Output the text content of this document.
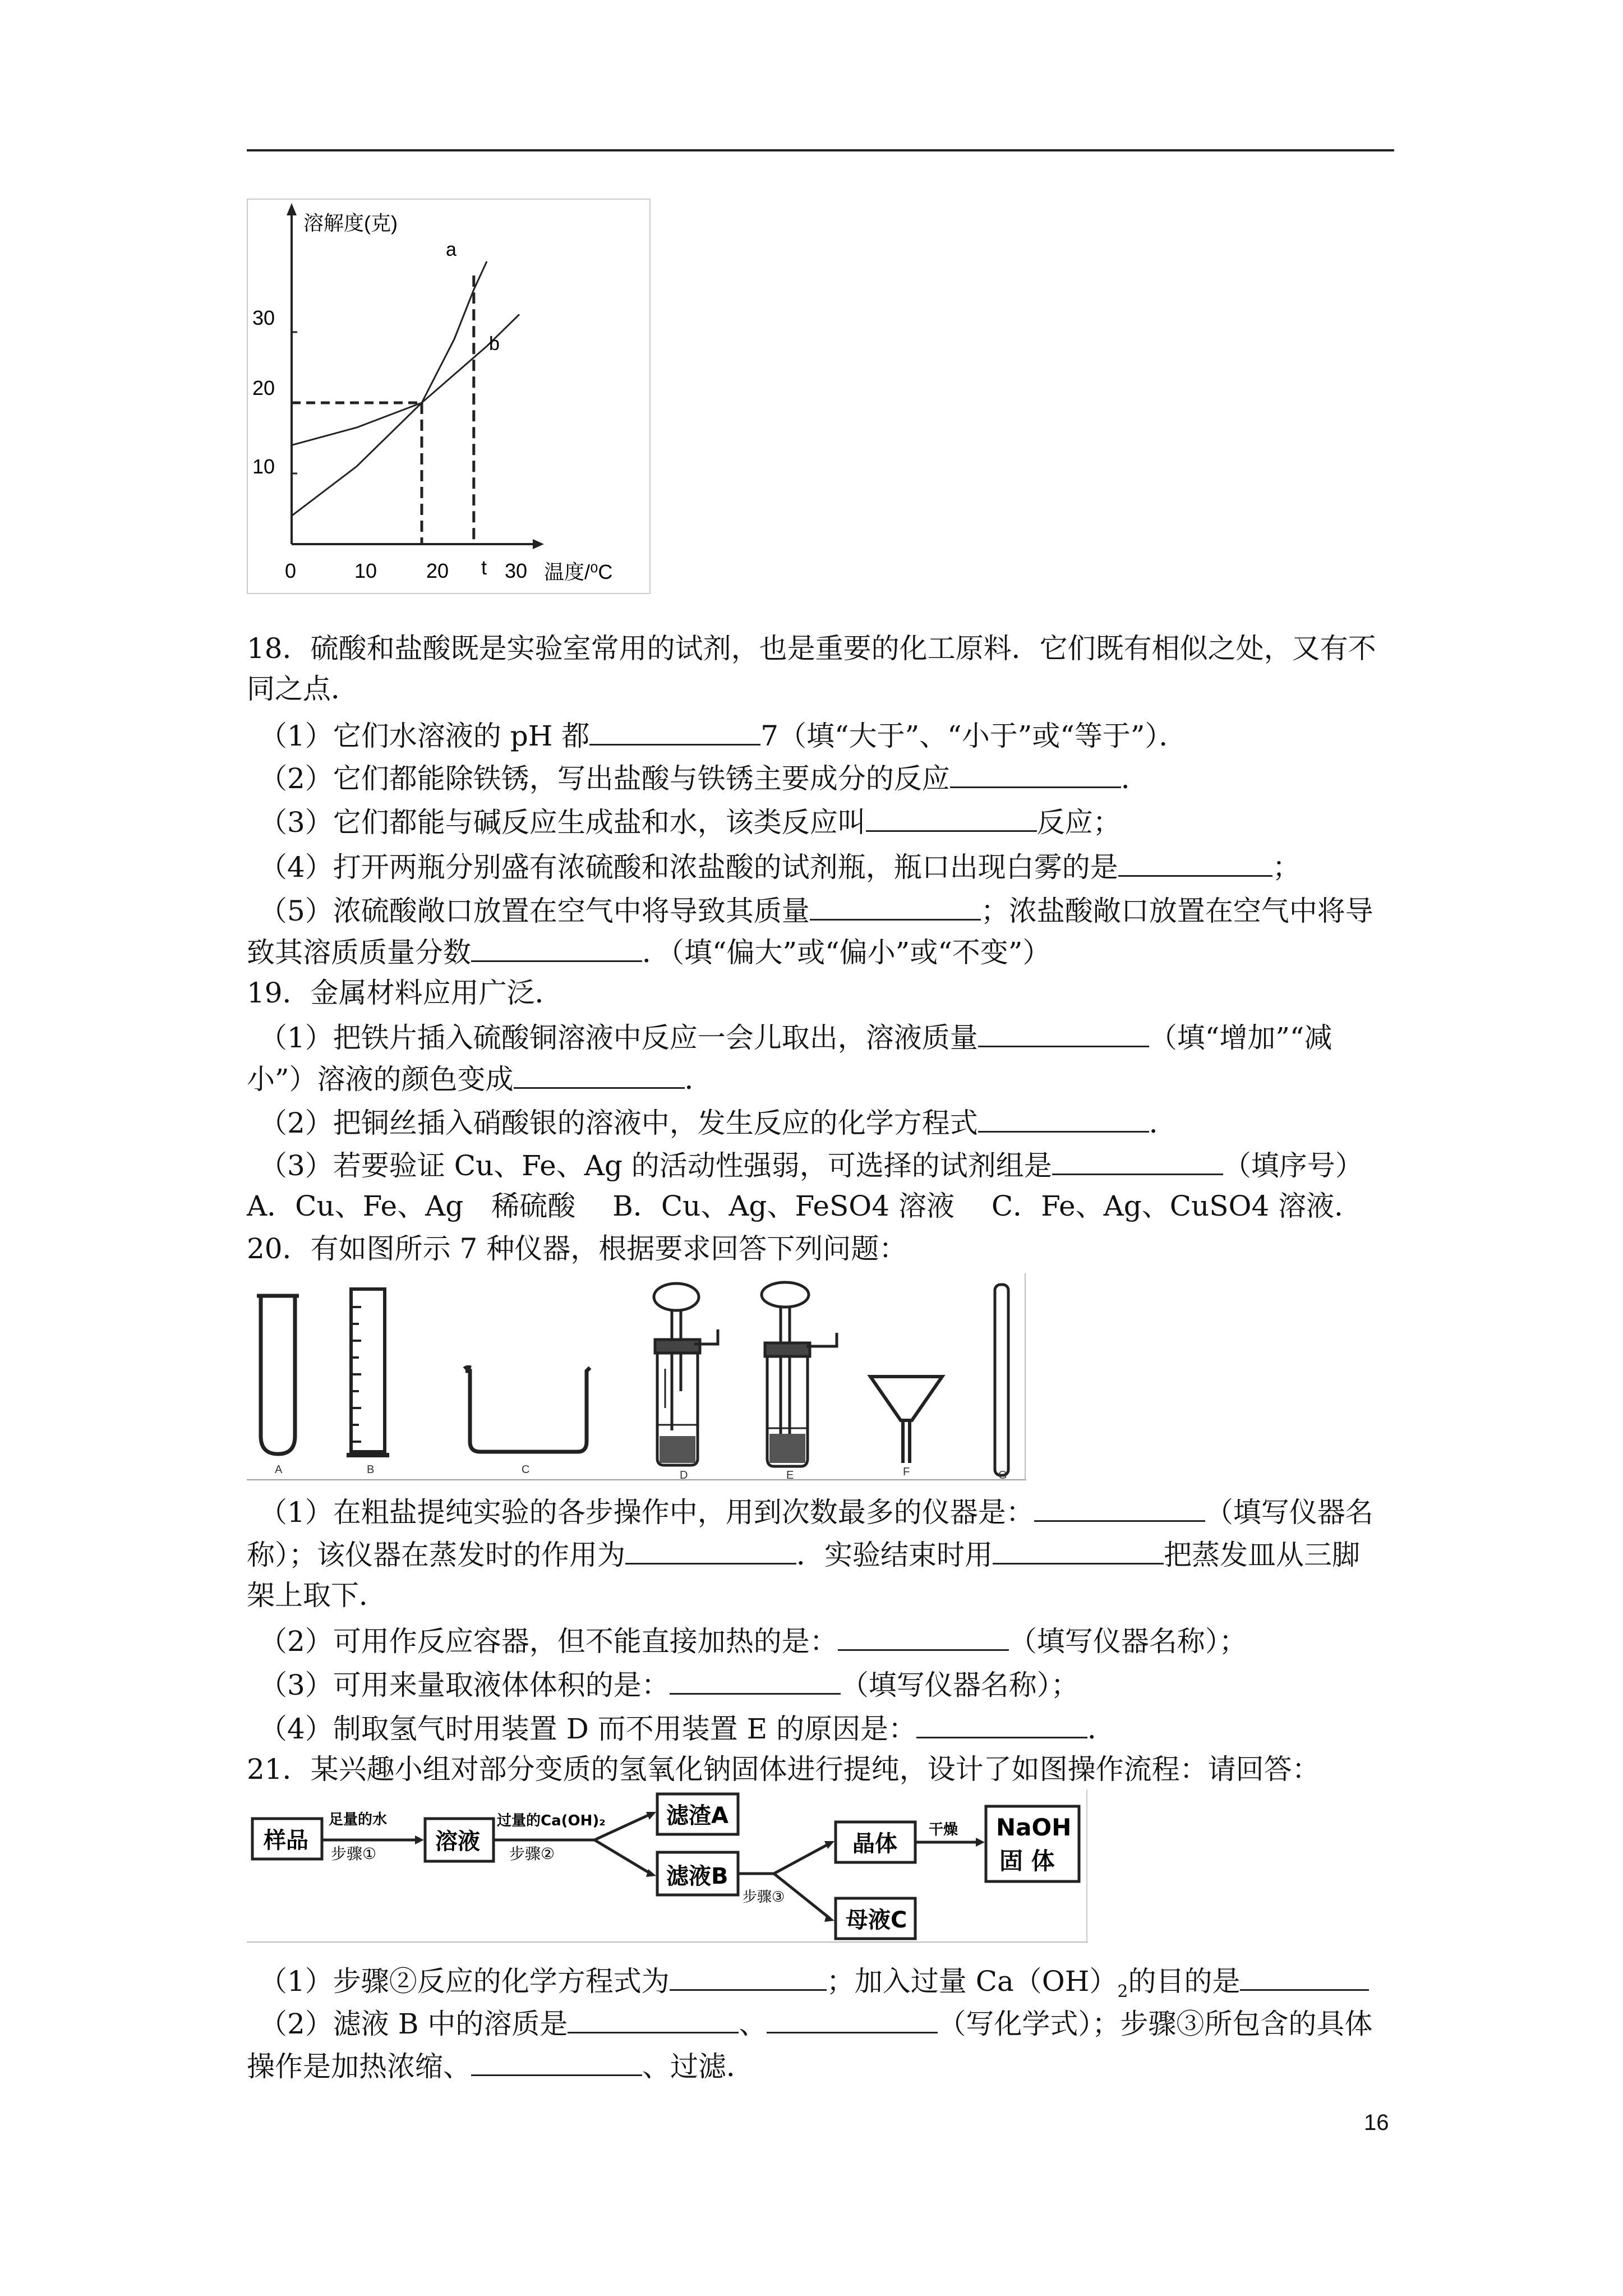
溶解度(克)
温度/⁰C
a
b
30
20
10
0	10 20 t 30
18．硫酸和盐酸既是实验室常用的试剂，也是重要的化工原料．它们既有相似之处，又有不
同之点．
（1）它们水溶液的 pH 都	7（填“大于”、“小于”或“等于”）．
（2）它们都能除铁锈，写出盐酸与铁锈主要成分的反应	．
（3）它们都能与碱反应生成盐和水，该类反应叫	反应；
（4）打开两瓶分别盛有浓硫酸和浓盐酸的试剂瓶，瓶口出现白雾的是	；
（5）浓硫酸敞口放置在空气中将导致其质量	；浓盐酸敞口放置在空气中将导
致其溶质质量分数	．（填“偏大”或“偏小”或“不变”）
19．金属材料应用广泛．
（1）把铁片插入硫酸铜溶液中反应一会儿取出，溶液质量	（填“增加”“减
小”）溶液的颜色变成	．
（2）把铜丝插入硝酸银的溶液中，发生反应的化学方程式	．
（3）若要验证 Cu、Fe、Ag 的活动性强弱，可选择的试剂组是	（填序号）
A．Cu、Fe、Ag　稀硫酸　 B．Cu、Ag、FeSO4 溶液　 C．Fe、Ag、CuSO4 溶液．
20．有如图所示 7 种仪器，根据要求回答下列问题：
A	B	C	D	E	F	G
（1）在粗盐提纯实验的各步操作中，用到次数最多的仪器是：	（填写仪器名
称）；该仪器在蒸发时的作用为	．实验结束时用	把蒸发皿从三脚
架上取下．
（2）可用作反应容器，但不能直接加热的是：	（填写仪器名称）；
（3）可用来量取液体体积的是：	（填写仪器名称）；
（4）制取氢气时用装置 D 而不用装置 E 的原因是：	．
21．某兴趣小组对部分变质的氢氧化钠固体进行提纯，设计了如图操作流程：请回答：
样品
足量的水
步骤①	溶液
过量的Ca(OH)₂
步骤②
滤渣A
滤液B
步骤③
晶体
干燥
母液C
NaOH
固 体
（1）步骤②反应的化学方程式为	；加入过量 $Ca(OH)_2$的目的是
（2）滤液 B 中的溶质是	、	（写化学式）；步骤③所包含的具体
操作是加热浓缩、	、过滤．
16
